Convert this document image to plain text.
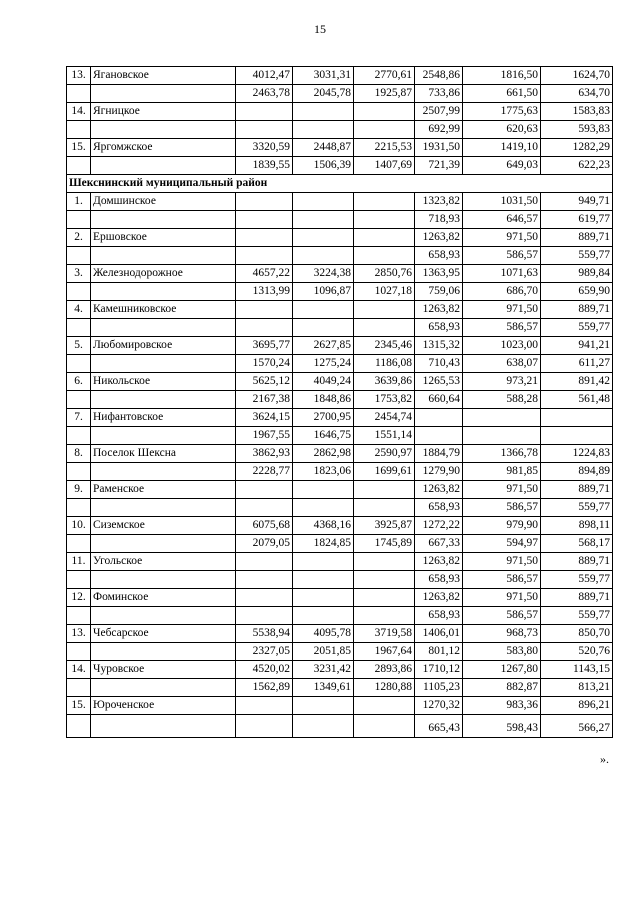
15
13.	Ягановское	4012,47	3031,31	2770,61	2548,86	1816,50	1624,70
		2463,78	2045,78	1925,87	733,86	661,50	634,70
14.	Ягницкое				2507,99	1775,63	1583,83
					692,99	620,63	593,83
15.	Яргомжское	3320,59	2448,87	2215,53	1931,50	1419,10	1282,29
		1839,55	1506,39	1407,69	721,39	649,03	622,23
Шекснинский муниципальный район							
1.	Домшинское				1323,82	1031,50	949,71
					718,93	646,57	619,77
2.	Ершовское				1263,82	971,50	889,71
					658,93	586,57	559,77
3.	Железнодорожное	4657,22	3224,38	2850,76	1363,95	1071,63	989,84
		1313,99	1096,87	1027,18	759,06	686,70	659,90
4.	Камешниковское				1263,82	971,50	889,71
					658,93	586,57	559,77
5.	Любомировское	3695,77	2627,85	2345,46	1315,32	1023,00	941,21
		1570,24	1275,24	1186,08	710,43	638,07	611,27
6.	Никольское	5625,12	4049,24	3639,86	1265,53	973,21	891,42
		2167,38	1848,86	1753,82	660,64	588,28	561,48
7.	Нифантовское	3624,15	2700,95	2454,74			
		1967,55	1646,75	1551,14			
8.	Поселок Шексна	3862,93	2862,98	2590,97	1884,79	1366,78	1224,83
		2228,77	1823,06	1699,61	1279,90	981,85	894,89
9.	Раменское				1263,82	971,50	889,71
					658,93	586,57	559,77
10.	Сиземское	6075,68	4368,16	3925,87	1272,22	979,90	898,11
		2079,05	1824,85	1745,89	667,33	594,97	568,17
11.	Угольское				1263,82	971,50	889,71
					658,93	586,57	559,77
12.	Фоминское				1263,82	971,50	889,71
					658,93	586,57	559,77
13.	Чебсарское	5538,94	4095,78	3719,58	1406,01	968,73	850,70
		2327,05	2051,85	1967,64	801,12	583,80	520,76
14.	Чуровское	4520,02	3231,42	2893,86	1710,12	1267,80	1143,15
		1562,89	1349,61	1280,88	1105,23	882,87	813,21
15.	Юроченское				1270,32	983,36	896,21
					665,43	598,43	566,27
».
